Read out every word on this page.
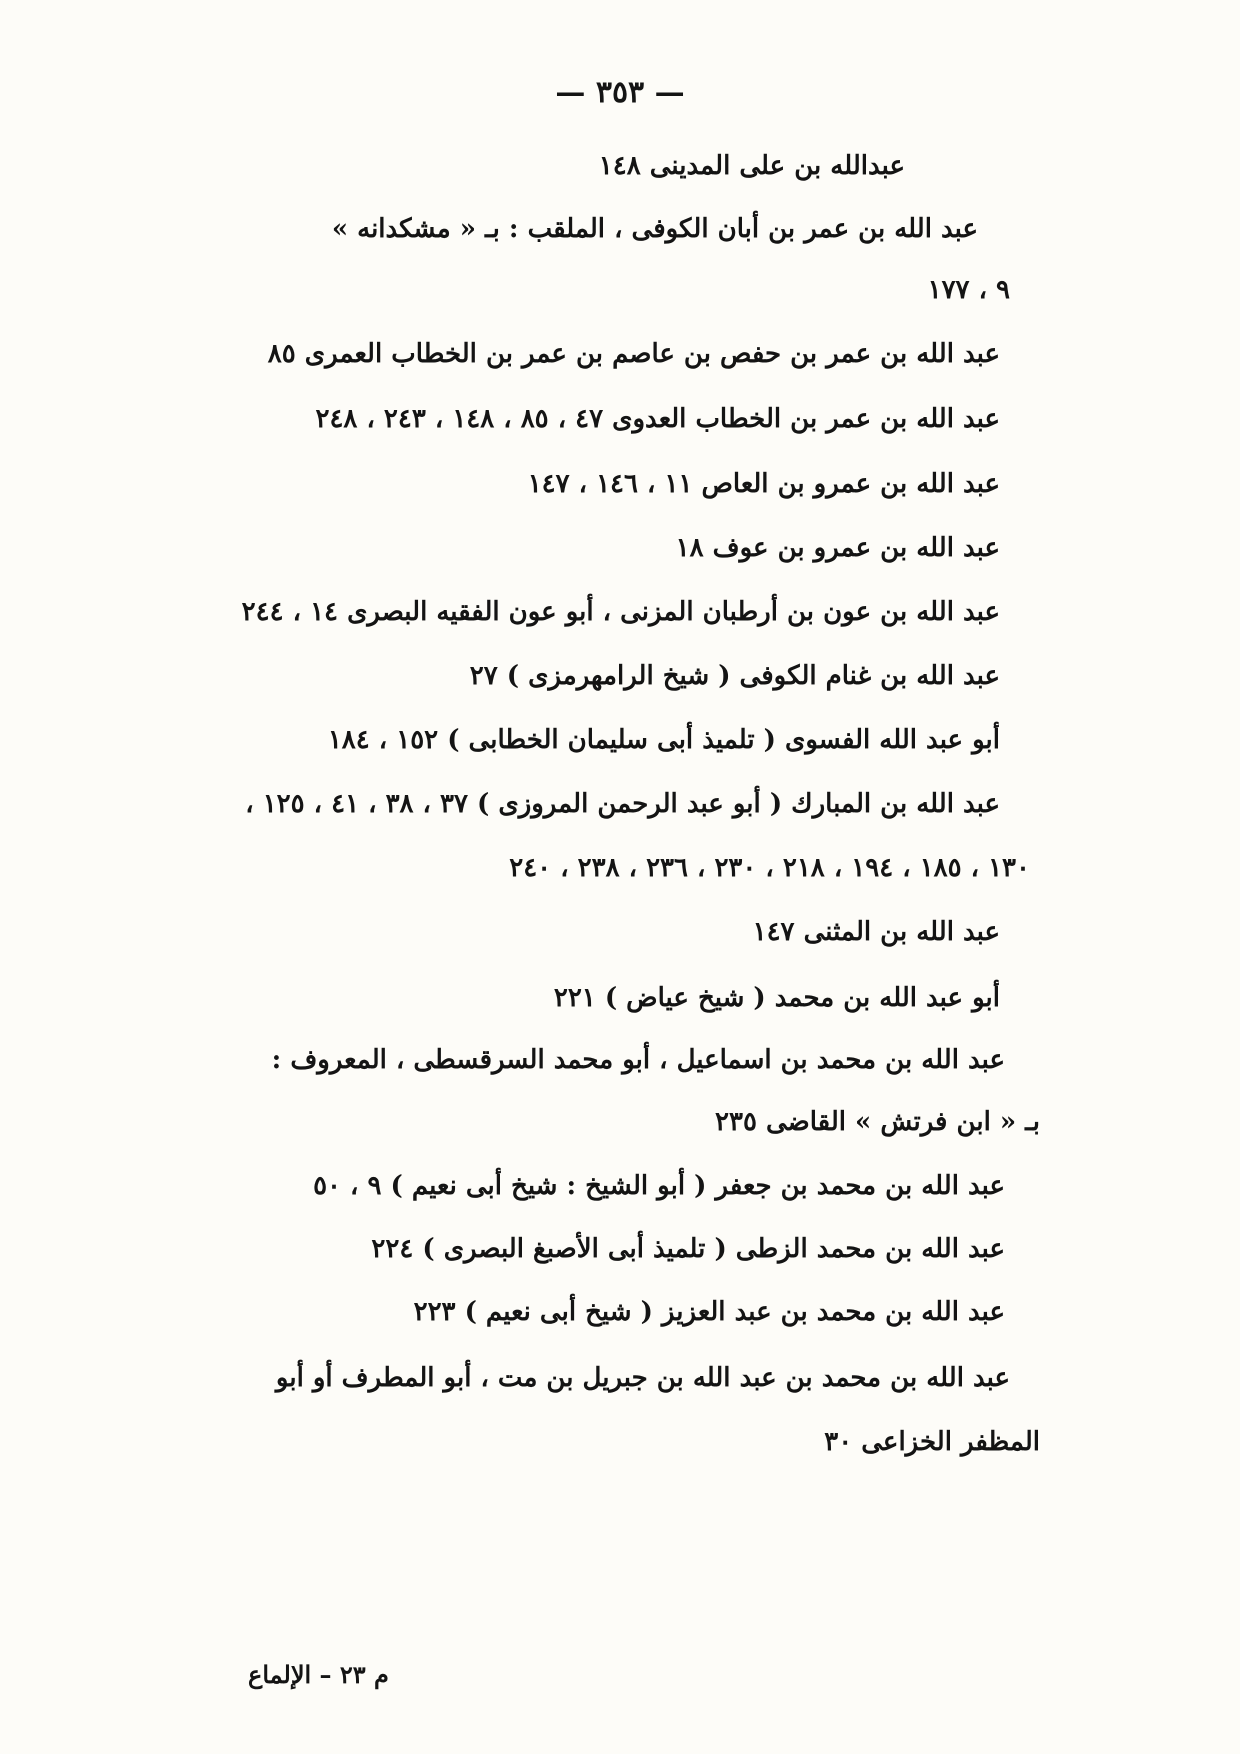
— ٣٥٣ —
عبدالله بن على المدينى ١٤٨
عبد الله بن عمر بن أبان الكوفى ، الملقب : بـ « مشكدانه »
٩ ، ١٧٧
عبد الله بن عمر بن حفص بن عاصم بن عمر بن الخطاب العمرى ٨٥
عبد الله بن عمر بن الخطاب العدوى ٤٧ ، ٨٥ ، ١٤٨ ، ٢٤٣ ، ٢٤٨
عبد الله بن عمرو بن العاص ١١ ، ١٤٦ ، ١٤٧
عبد الله بن عمرو بن عوف ١٨
عبد الله بن عون بن أرطبان المزنى ، أبو عون الفقيه البصرى ١٤ ، ٢٤٤
عبد الله بن غنام الكوفى ( شيخ الرامهرمزى ) ٢٧
أبو عبد الله الفسوى ( تلميذ أبى سليمان الخطابى ) ١٥٢ ، ١٨٤
عبد الله بن المبارك ( أبو عبد الرحمن المروزى ) ٣٧ ، ٣٨ ، ٤١ ، ١٢٥ ،
١٣٠ ، ١٨٥ ، ١٩٤ ، ٢١٨ ، ٢٣٠ ، ٢٣٦ ، ٢٣٨ ، ٢٤٠
عبد الله بن المثنى ١٤٧
أبو عبد الله بن محمد ( شيخ عياض ) ٢٢١
عبد الله بن محمد بن اسماعيل ، أبو محمد السرقسطى ، المعروف :
بـ « ابن فرتش » القاضى ٢٣٥
عبد الله بن محمد بن جعفر ( أبو الشيخ : شيخ أبى نعيم ) ٩ ، ٥٠
عبد الله بن محمد الزطى ( تلميذ أبى الأصبغ البصرى ) ٢٢٤
عبد الله بن محمد بن عبد العزيز ( شيخ أبى نعيم ) ٢٢٣
عبد الله بن محمد بن عبد الله بن جبريل بن مت ، أبو المطرف أو أبو
المظفر الخزاعى ٣٠
م ٢٣ – الإلماع
